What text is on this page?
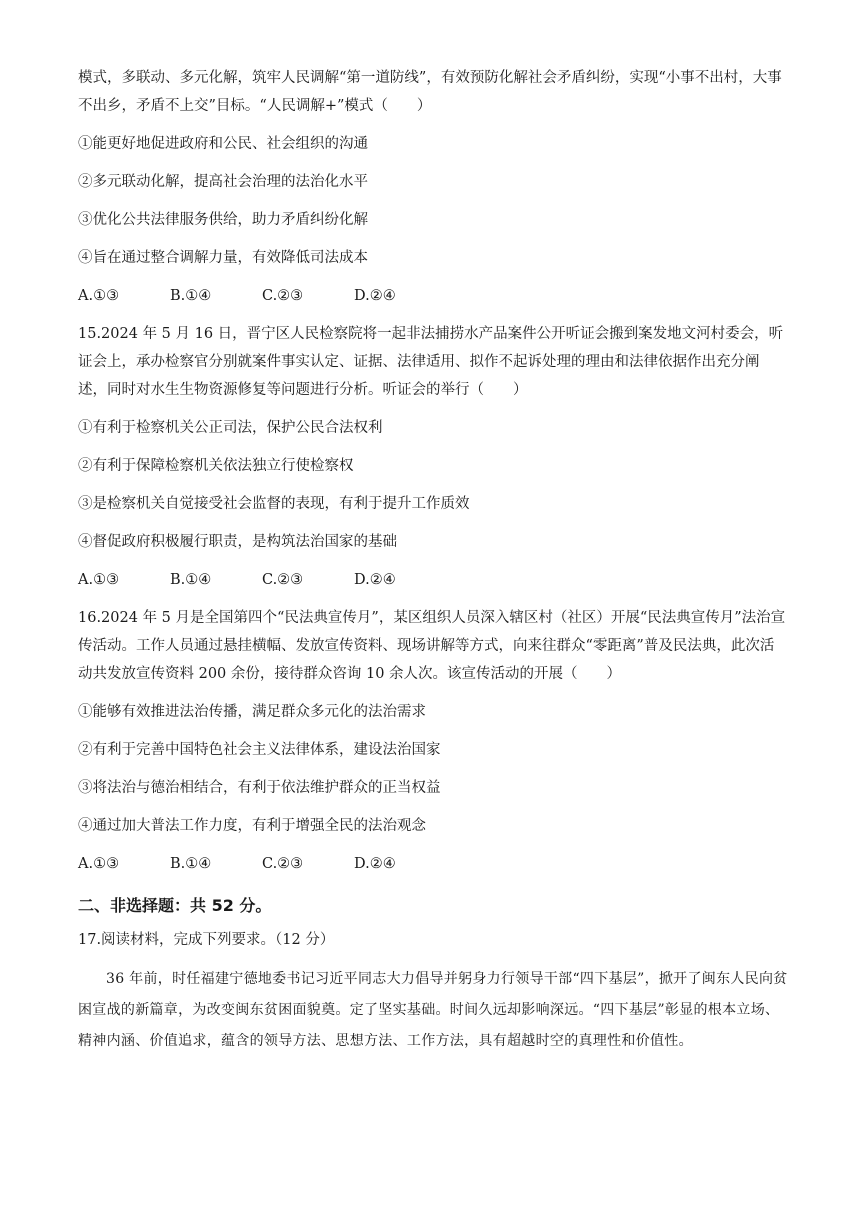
模式，多联动、多元化解，筑牢人民调解“第一道防线”，有效预防化解社会矛盾纠纷，实现“小事不出村，大事不出乡，矛盾不上交”目标。“人民调解+”模式（　　）

①能更好地促进政府和公民、社会组织的沟通

②多元联动化解，提高社会治理的法治化水平

③优化公共法律服务供给，助力矛盾纠纷化解

④旨在通过整合调解力量，有效降低司法成本

A.①③	B.①④	C.②③	D.②④

15.2024 年 5 月 16 日，晋宁区人民检察院将一起非法捕捞水产品案件公开听证会搬到案发地文河村委会，听证会上，承办检察官分别就案件事实认定、证据、法律适用、拟作不起诉处理的理由和法律依据作出充分阐述，同时对水生生物资源修复等问题进行分析。听证会的举行（　　）

①有利于检察机关公正司法，保护公民合法权利

②有利于保障检察机关依法独立行使检察权

③是检察机关自觉接受社会监督的表现，有利于提升工作质效

④督促政府积极履行职责，是构筑法治国家的基础

A.①③	B.①④	C.②③	D.②④

16.2024 年 5 月是全国第四个“民法典宣传月”，某区组织人员深入辖区村（社区）开展“民法典宣传月”法治宣传活动。工作人员通过悬挂横幅、发放宣传资料、现场讲解等方式，向来往群众“零距离”普及民法典，此次活动共发放宣传资料 200 余份，接待群众咨询 10 余人次。该宣传活动的开展（　　）

①能够有效推进法治传播，满足群众多元化的法治需求

②有利于完善中国特色社会主义法律体系，建设法治国家

③将法治与德治相结合，有利于依法维护群众的正当权益

④通过加大普法工作力度，有利于增强全民的法治观念

A.①③	B.①④	C.②③	D.②④
二、非选择题：共 52 分。

17.阅读材料，完成下列要求。（12 分）

36 年前，时任福建宁德地委书记习近平同志大力倡导并躬身力行领导干部“四下基层”，掀开了闽东人民向贫困宣战的新篇章，为改变闽东贫困面貌奠。定了坚实基础。时间久远却影响深远。“四下基层”彰显的根本立场、精神内涵、价值追求，蕴含的领导方法、思想方法、工作方法，具有超越时空的真理性和价值性。
